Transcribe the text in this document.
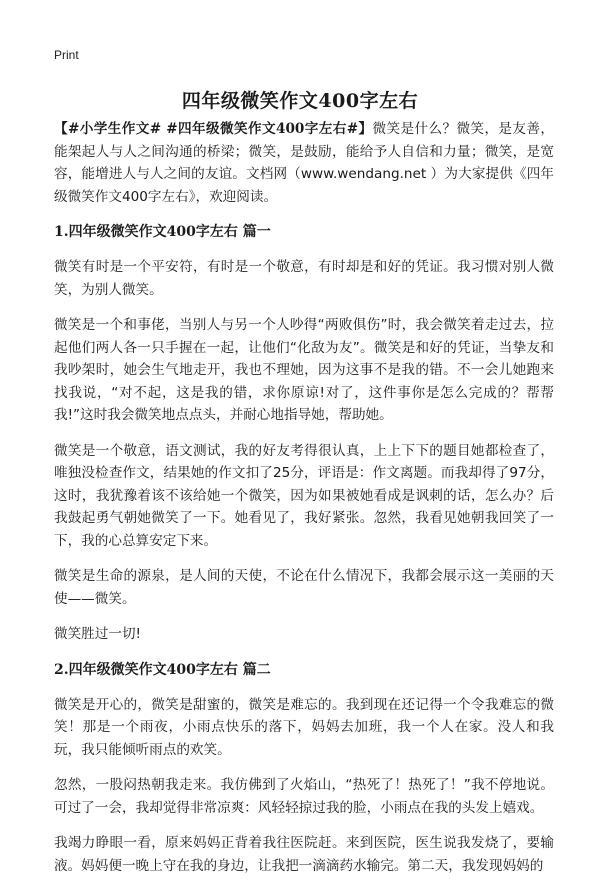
Print
四年级微笑作文400字左右

【#小学生作文# #四年级微笑作文400字左右#】微笑是什么？微笑，是友善，能架起人与人之间沟通的桥梁；微笑，是鼓励，能给予人自信和力量；微笑，是宽容，能增进人与人之间的友谊。文档网（www.wendang.net ）为大家提供《四年级微笑作文400字左右》，欢迎阅读。

1.四年级微笑作文400字左右 篇一

微笑有时是一个平安符，有时是一个敬意，有时却是和好的凭证。我习惯对别人微笑，为别人微笑。

微笑是一个和事佬，当别人与另一个人吵得“两败俱伤”时，我会微笑着走过去，拉起他们两人各一只手握在一起，让他们“化敌为友”。微笑是和好的凭证，当挚友和我吵架时，她会生气地走开，我也不理她，因为这事不是我的错。不一会儿她跑来找我说，“对不起，这是我的错，求你原谅!对了，这件事你是怎么完成的？帮帮我!”这时我会微笑地点点头，并耐心地指导她，帮助她。

微笑是一个敬意，语文测试，我的好友考得很认真，上上下下的题目她都检查了，唯独没检查作文，结果她的作文扣了25分，评语是：作文离题。而我却得了97分，这时，我犹豫着该不该给她一个微笑，因为如果被她看成是讽刺的话，怎么办？后我鼓起勇气朝她微笑了一下。她看见了，我好紧张。忽然，我看见她朝我回笑了一下，我的心总算安定下来。

微笑是生命的源泉，是人间的天使，不论在什么情况下，我都会展示这一美丽的天使——微笑。

微笑胜过一切!

2.四年级微笑作文400字左右 篇二

微笑是开心的，微笑是甜蜜的，微笑是难忘的。我到现在还记得一个令我难忘的微笑！那是一个雨夜，小雨点快乐的落下，妈妈去加班，我一个人在家。没人和我玩，我只能倾听雨点的欢笑。

忽然，一股闷热朝我走来。我仿佛到了火焰山，“热死了！热死了！”我不停地说。可过了一会，我却觉得非常凉爽：风轻轻掠过我的脸，小雨点在我的头发上嬉戏。

我竭力睁眼一看，原来妈妈正背着我往医院赶。来到医院，医生说我发烧了，要输液。妈妈便一晚上守在我的身边，让我把一滴滴药水输完。第二天，我发现妈妈的
